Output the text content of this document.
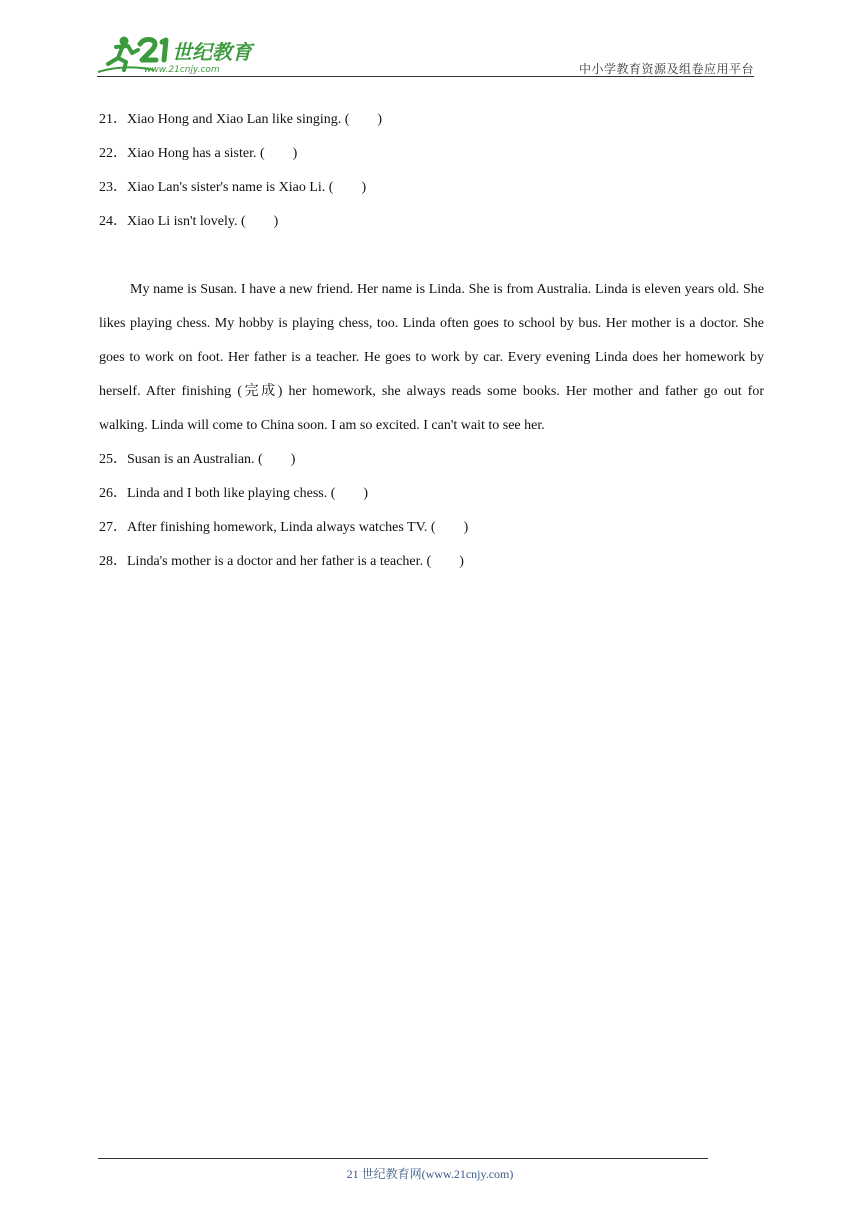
世纪教育
www.21cnjy.com	中小学教育资源及组卷应用平台
21．Xiao Hong and Xiao Lan like singing. ( )
22．Xiao Hong has a sister. ( )
23．Xiao Lan's sister's name is Xiao Li. ( )
24．Xiao Li isn't lovely. ( )

My name is Susan. I have a new friend. Her name is Linda. She is from Australia. Linda is eleven years old. She likes playing chess. My hobby is playing chess, too. Linda often goes to school by bus. Her mother is a doctor. She goes to work on foot. Her father is a teacher. He goes to work by car. Every evening Linda does her homework by herself. After finishing (完成) her homework, she always reads some books. Her mother and father go out for walking. Linda will come to China soon. I am so excited. I can't wait to see her.

25．Susan is an Australian. ( )
26．Linda and I both like playing chess. ( )
27．After finishing homework, Linda always watches TV. ( )
28．Linda's mother is a doctor and her father is a teacher. ( )
21 世纪教育网(www.21cnjy.com)
